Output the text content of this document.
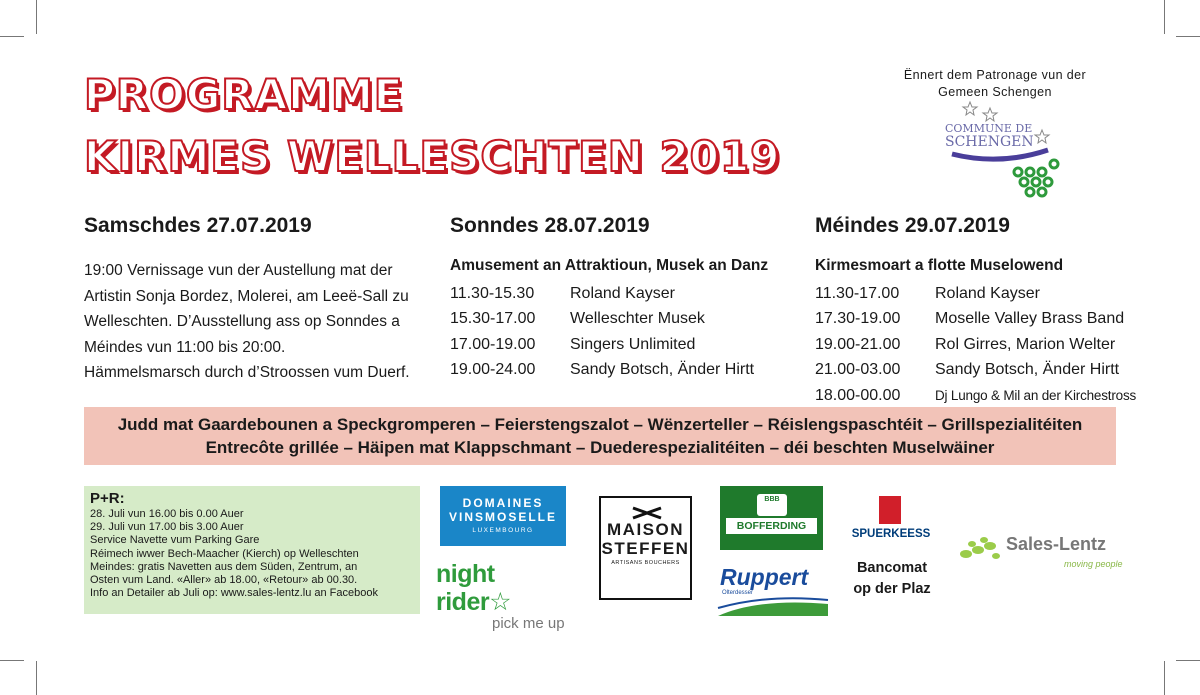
PROGRAMME
KIRMES WELLESCHTEN 2019
Ënnert dem Patronage vun der
Gemeen Schengen
COMMUNE DE
SCHENGEN
Samschdes 27.07.2019
19:00 Vernissage vun der Austellung mat der
Artistin Sonja Bordez, Molerei, am Leeë-Sall zu
Welleschten. D’Ausstellung ass op Sonndes a
Méindes vun 11:00 bis 20:00.
Hämmelsmarsch durch d’Stroossen vum Duerf.
Sonndes 28.07.2019
Amusement an Attraktioun, Musek an Danz
11.30-15.30	Roland Kayser
15.30-17.00	Welleschter Musek
17.00-19.00	Singers Unlimited
19.00-24.00	Sandy Botsch, Änder Hirtt
Méindes 29.07.2019
Kirmesmoart a flotte Muselowend
11.30-17.00	Roland Kayser
17.30-19.00	Moselle Valley Brass Band
19.00-21.00	Rol Girres, Marion Welter
21.00-03.00	Sandy Botsch, Änder Hirtt
18.00-00.00	Dj Lungo & Mil an der Kirchestross
Judd mat Gaardebounen a Speckgromperen – Feierstengszalot – Wënzerteller – Réislengspaschtéit – Grillspezialitéiten
Entrecôte grillée – Häipen mat Klappschmant – Duederespezialitéiten – déi beschten Muselwäiner
P+R:
28. Juli vun 16.00 bis 0.00 Auer
29. Juli vun 17.00 bis 3.00 Auer
Service Navette vum Parking Gare
Réimech iwwer Bech-Maacher (Kierch) op Welleschten
Meindes: gratis Navetten aus dem Süden, Zentrum, an
Osten vum Land. «Aller» ab 18.00, «Retour» ab 00.30.
Info an Detailer ab Juli op: www.sales-lentz.lu an Facebook
DOMAINES
VINSMOSELLE
LUXEMBOURG
night rider☆
pick me up
MAISON
STEFFEN
ARTISANS BOUCHERS
BBB
BOFFERDING
Ruppert
Olterdesser
SPUERKEESS
Bancomat
op der Plaz
Sales-Lentz
moving people
